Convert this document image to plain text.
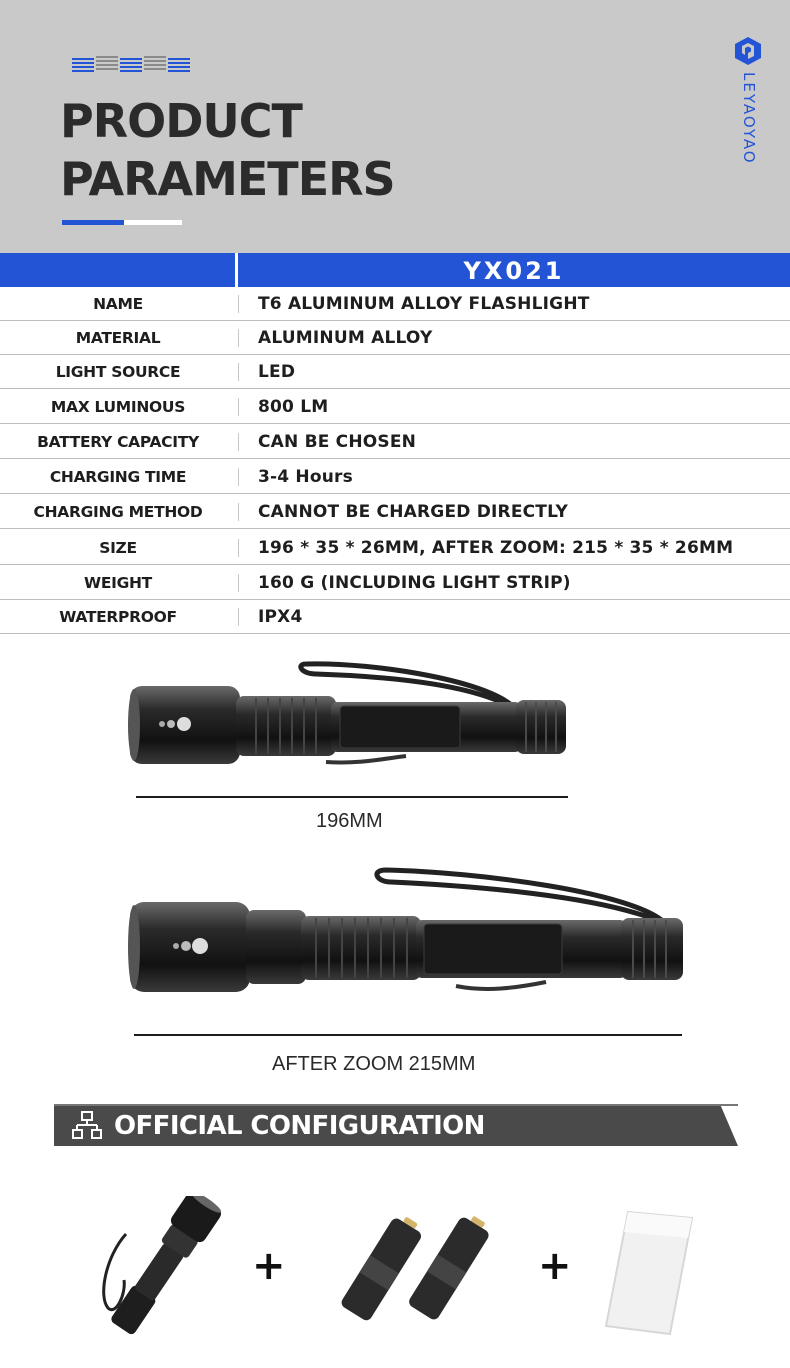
PRODUCT
PARAMETERS
LEYAOYAO
YX021
NAME	T6 ALUMINUM ALLOY FLASHLIGHT
MATERIAL	ALUMINUM ALLOY
LIGHT SOURCE	LED
MAX LUMINOUS	800 LM
BATTERY CAPACITY	CAN BE CHOSEN
CHARGING TIME	3-4 Hours
CHARGING METHOD	CANNOT BE CHARGED DIRECTLY
SIZE	196 * 35 * 26MM, AFTER ZOOM: 215 * 35 * 26MM
WEIGHT	160 G (INCLUDING LIGHT STRIP)
WATERPROOF	IPX4
196MM
AFTER ZOOM 215MM
OFFICIAL CONFIGURATION
+	+
